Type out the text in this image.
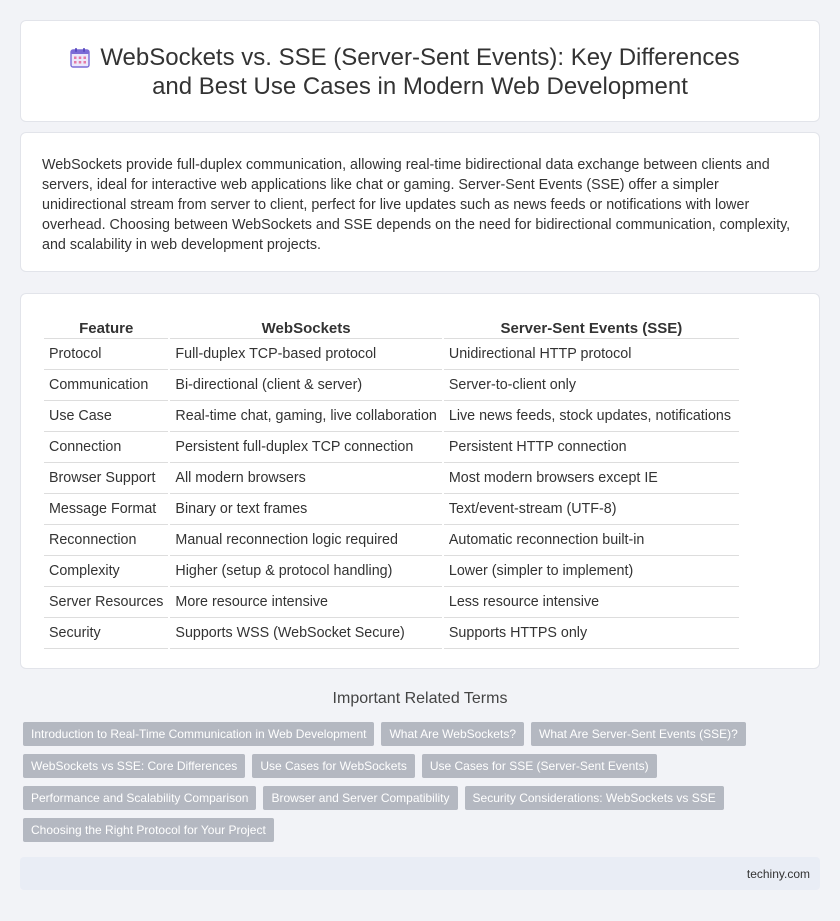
WebSockets vs. SSE (Server-Sent Events): Key Differences and Best Use Cases in Modern Web Development

WebSockets provide full-duplex communication, allowing real-time bidirectional data exchange between clients and servers, ideal for interactive web applications like chat or gaming. Server-Sent Events (SSE) offer a simpler unidirectional stream from server to client, perfect for live updates such as news feeds or notifications with lower overhead. Choosing between WebSockets and SSE depends on the need for bidirectional communication, complexity, and scalability in web development projects.

Feature	WebSockets	Server-Sent Events (SSE)
Protocol	Full-duplex TCP-based protocol	Unidirectional HTTP protocol
Communication	Bi-directional (client & server)	Server-to-client only
Use Case	Real-time chat, gaming, live collaboration	Live news feeds, stock updates, notifications
Connection	Persistent full-duplex TCP connection	Persistent HTTP connection
Browser Support	All modern browsers	Most modern browsers except IE
Message Format	Binary or text frames	Text/event-stream (UTF-8)
Reconnection	Manual reconnection logic required	Automatic reconnection built-in
Complexity	Higher (setup & protocol handling)	Lower (simpler to implement)
Server Resources	More resource intensive	Less resource intensive
Security	Supports WSS (WebSocket Secure)	Supports HTTPS only
Important Related Terms
Introduction to Real-Time Communication in Web Development	What Are WebSockets?	What Are Server-Sent Events (SSE)?
WebSockets vs SSE: Core Differences	Use Cases for WebSockets	Use Cases for SSE (Server-Sent Events)
Performance and Scalability Comparison	Browser and Server Compatibility	Security Considerations: WebSockets vs SSE
Choosing the Right Protocol for Your Project
techiny.com
